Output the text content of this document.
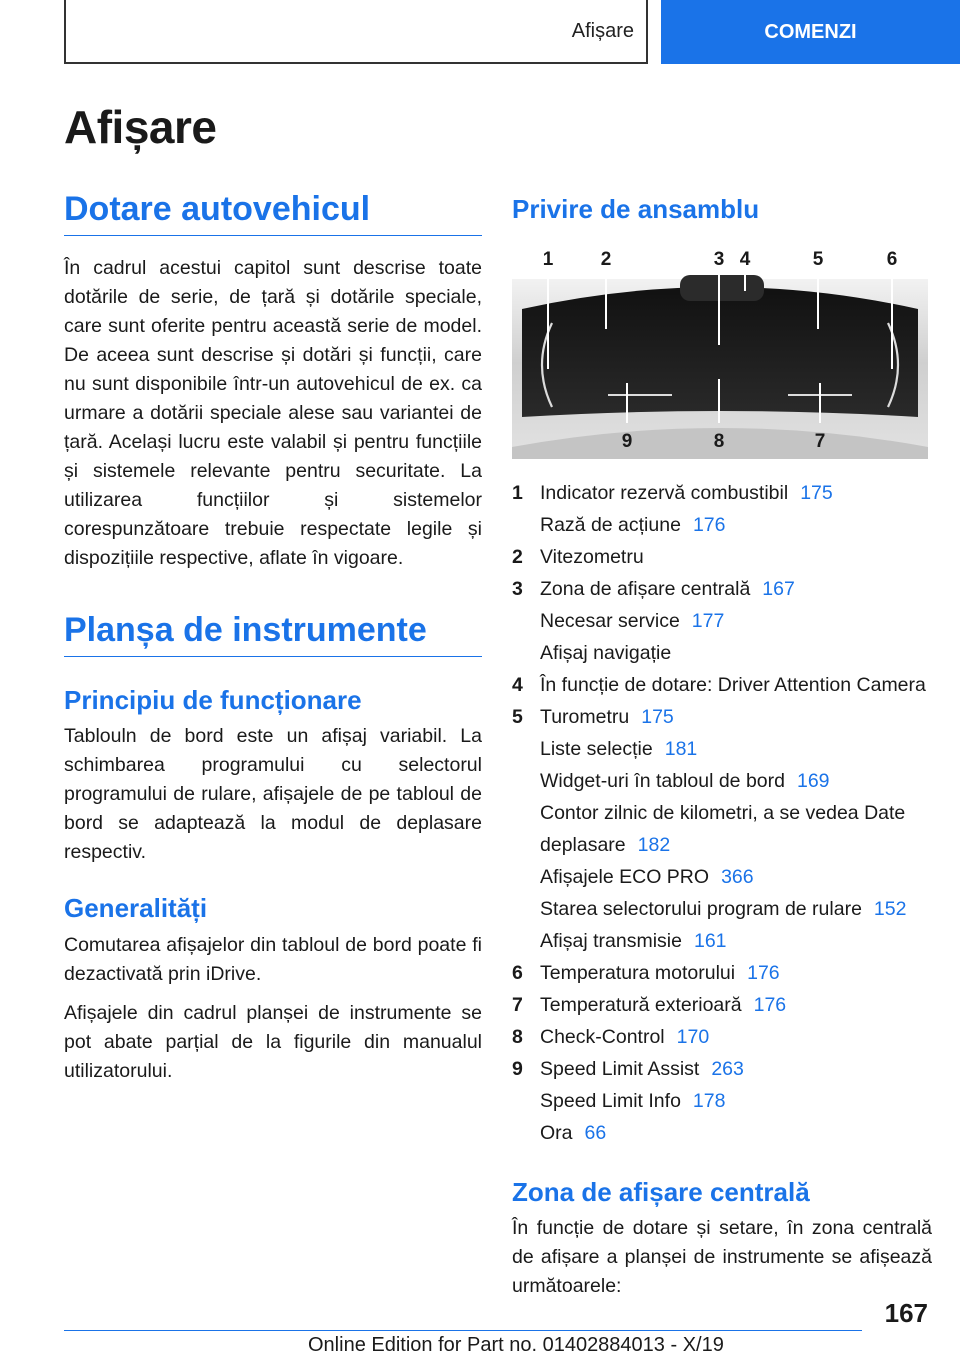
Afișare	COMENZI
Afișare
Dotare autovehicul

În cadrul acestui capitol sunt descrise toate dotările de serie, de țară și dotările speciale, care sunt oferite pentru această serie de model. De aceea sunt descrise și dotări și funcții, care nu sunt disponibile într-un autovehicul de ex. ca urmare a dotării speciale alese sau variantei de țară. Același lucru este valabil și pentru funcțiile și sistemele relevante pentru securitate. La utilizarea funcțiilor și sistemelor corespunzătoare trebuie respectate legile și dispozițiile respective, aflate în vigoare.

Planșa de instrumente
Principiu de funcționare

Tablouln de bord este un afișaj variabil. La schimbarea programului cu selectorul programului de rulare, afișajele de pe tabloul de bord se adaptează la modul de deplasare respectiv.

Generalități

Comutarea afișajelor din tabloul de bord poate fi dezactivată prin iDrive.

Afișajele din cadrul planșei de instrumente se pot abate parțial de la figurile din manualul utilizatorului.

Privire de ansamblu
1 2	3 4	5	6
9	8	7
1 Indicator rezervă combustibil 175
Rază de acțiune 176
2 Vitezometru
3 Zona de afișare centrală 167
Necesar service 177
Afișaj navigație
4 În funcție de dotare: Driver Attention Camera
5 Turometru 175
Liste selecție 181
Widget-uri în tabloul de bord 169
Contor zilnic de kilometri, a se vedea Date deplasare 182
Afișajele ECO PRO 366
Starea selectorului program de rulare 152
Afișaj transmisie 161
6 Temperatura motorului 176
7 Temperatură exterioară 176
8 Check-Control 170
9 Speed Limit Assist 263
Speed Limit Info 178
Ora 66
Zona de afișare centrală

În funcție de dotare și setare, în zona centrală de afișare a planșei de instrumente se afișează următoarele:

167
Online Edition for Part no. 01402884013 - X/19
